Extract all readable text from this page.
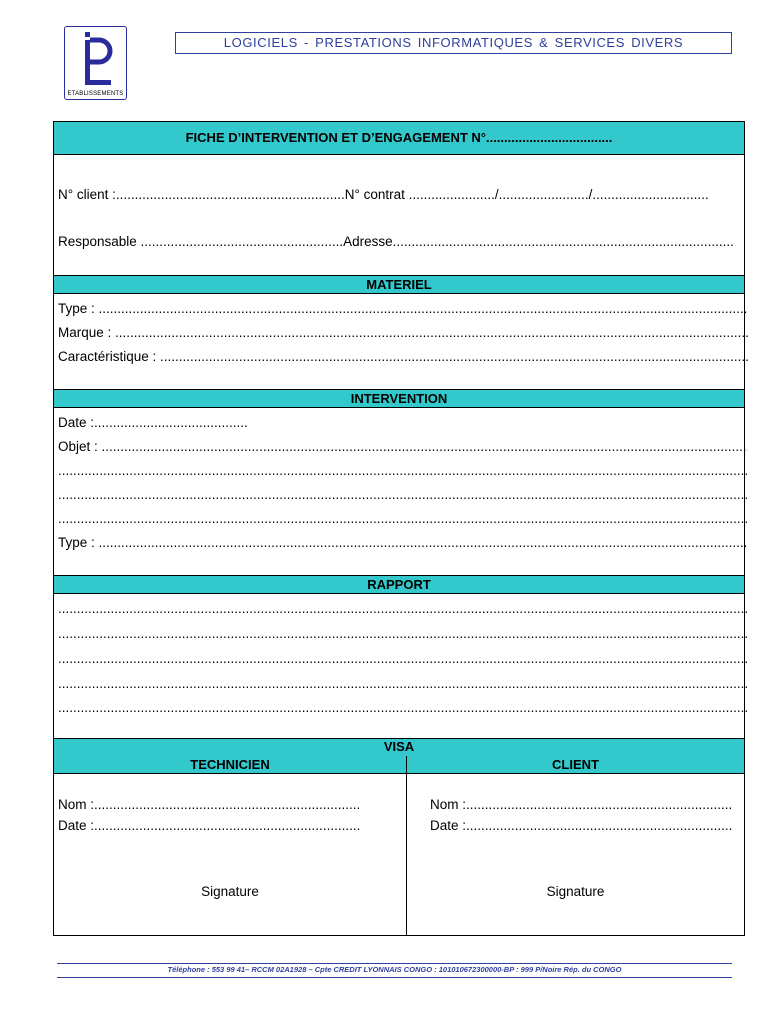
ETABLISSEMENTS
LOGICIELS - PRESTATIONS INFORMATIQUES & SERVICES DIVERS
FICHE D’INTERVENTION ET D’ENGAGEMENT N°...................................
N° client :.............................................................N° contrat ......................./......................../...............................
Responsable ......................................................Adresse...........................................................................................
MATERIEL
Type : .....
Marque : .....
Caractéristique : .....
INTERVENTION
Date :.........................................
Objet : .....
.....
.....
.....
Type : .....
RAPPORT
.....
.....
.....
.....
.....
VISA
TECHNICIEN	CLIENT
Nom :.......................................................................
Date :.......................................................................
Signature
Nom :.......................................................................
Date :.......................................................................
Signature
Téléphone : 553 99 41– RCCM 02A1928 – Cpte CREDIT LYONNAIS CONGO : 101010672300000-BP : 999 P/Noire Rép. du CONGO
